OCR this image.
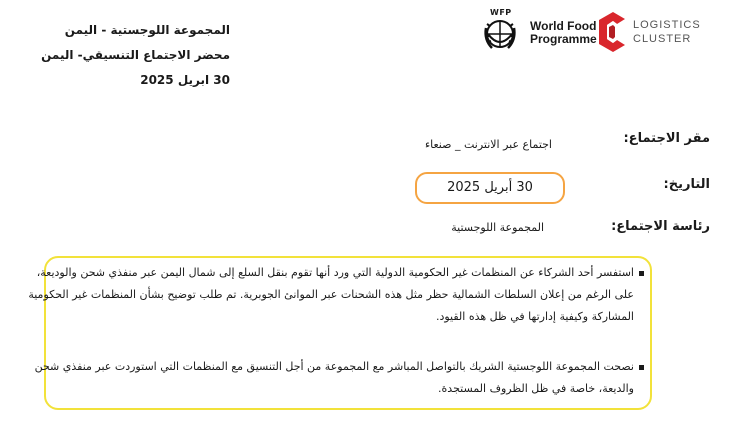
المجموعة اللوجستية - اليمن
محضر الاجتماع التنسيقي- اليمن
30 ابريل 2025
WFP
World Food
Programme
LOGISTICS
CLUSTER
مقر الاجتماع:
اجتماع عبر الانترنت _ صنعاء
التاريخ:
30 أبريل 2025
رئاسة الاجتماع:
المجموعة اللوجستية
استفسر أحد الشركاء عن المنظمات غير الحكومية الدولية التي ورد أنها تقوم بنقل السلع إلى شمال اليمن عبر منفذي شحن والوديعة،
على الرغم من إعلان السلطات الشمالية حظر مثل هذه الشحنات عبر الموانئ الجوبرية. تم طلب توضيح بشأن المنظمات غير الحكومية
المشاركة وكيفية إدارتها في ظل هذه القيود.
نصحت المجموعة اللوجستية الشريك بالتواصل المباشر مع المجموعة من أجل التنسيق مع المنظمات التي استوردت عبر منفذي شحن
والديعة، خاصة في ظل الظروف المستجدة.
